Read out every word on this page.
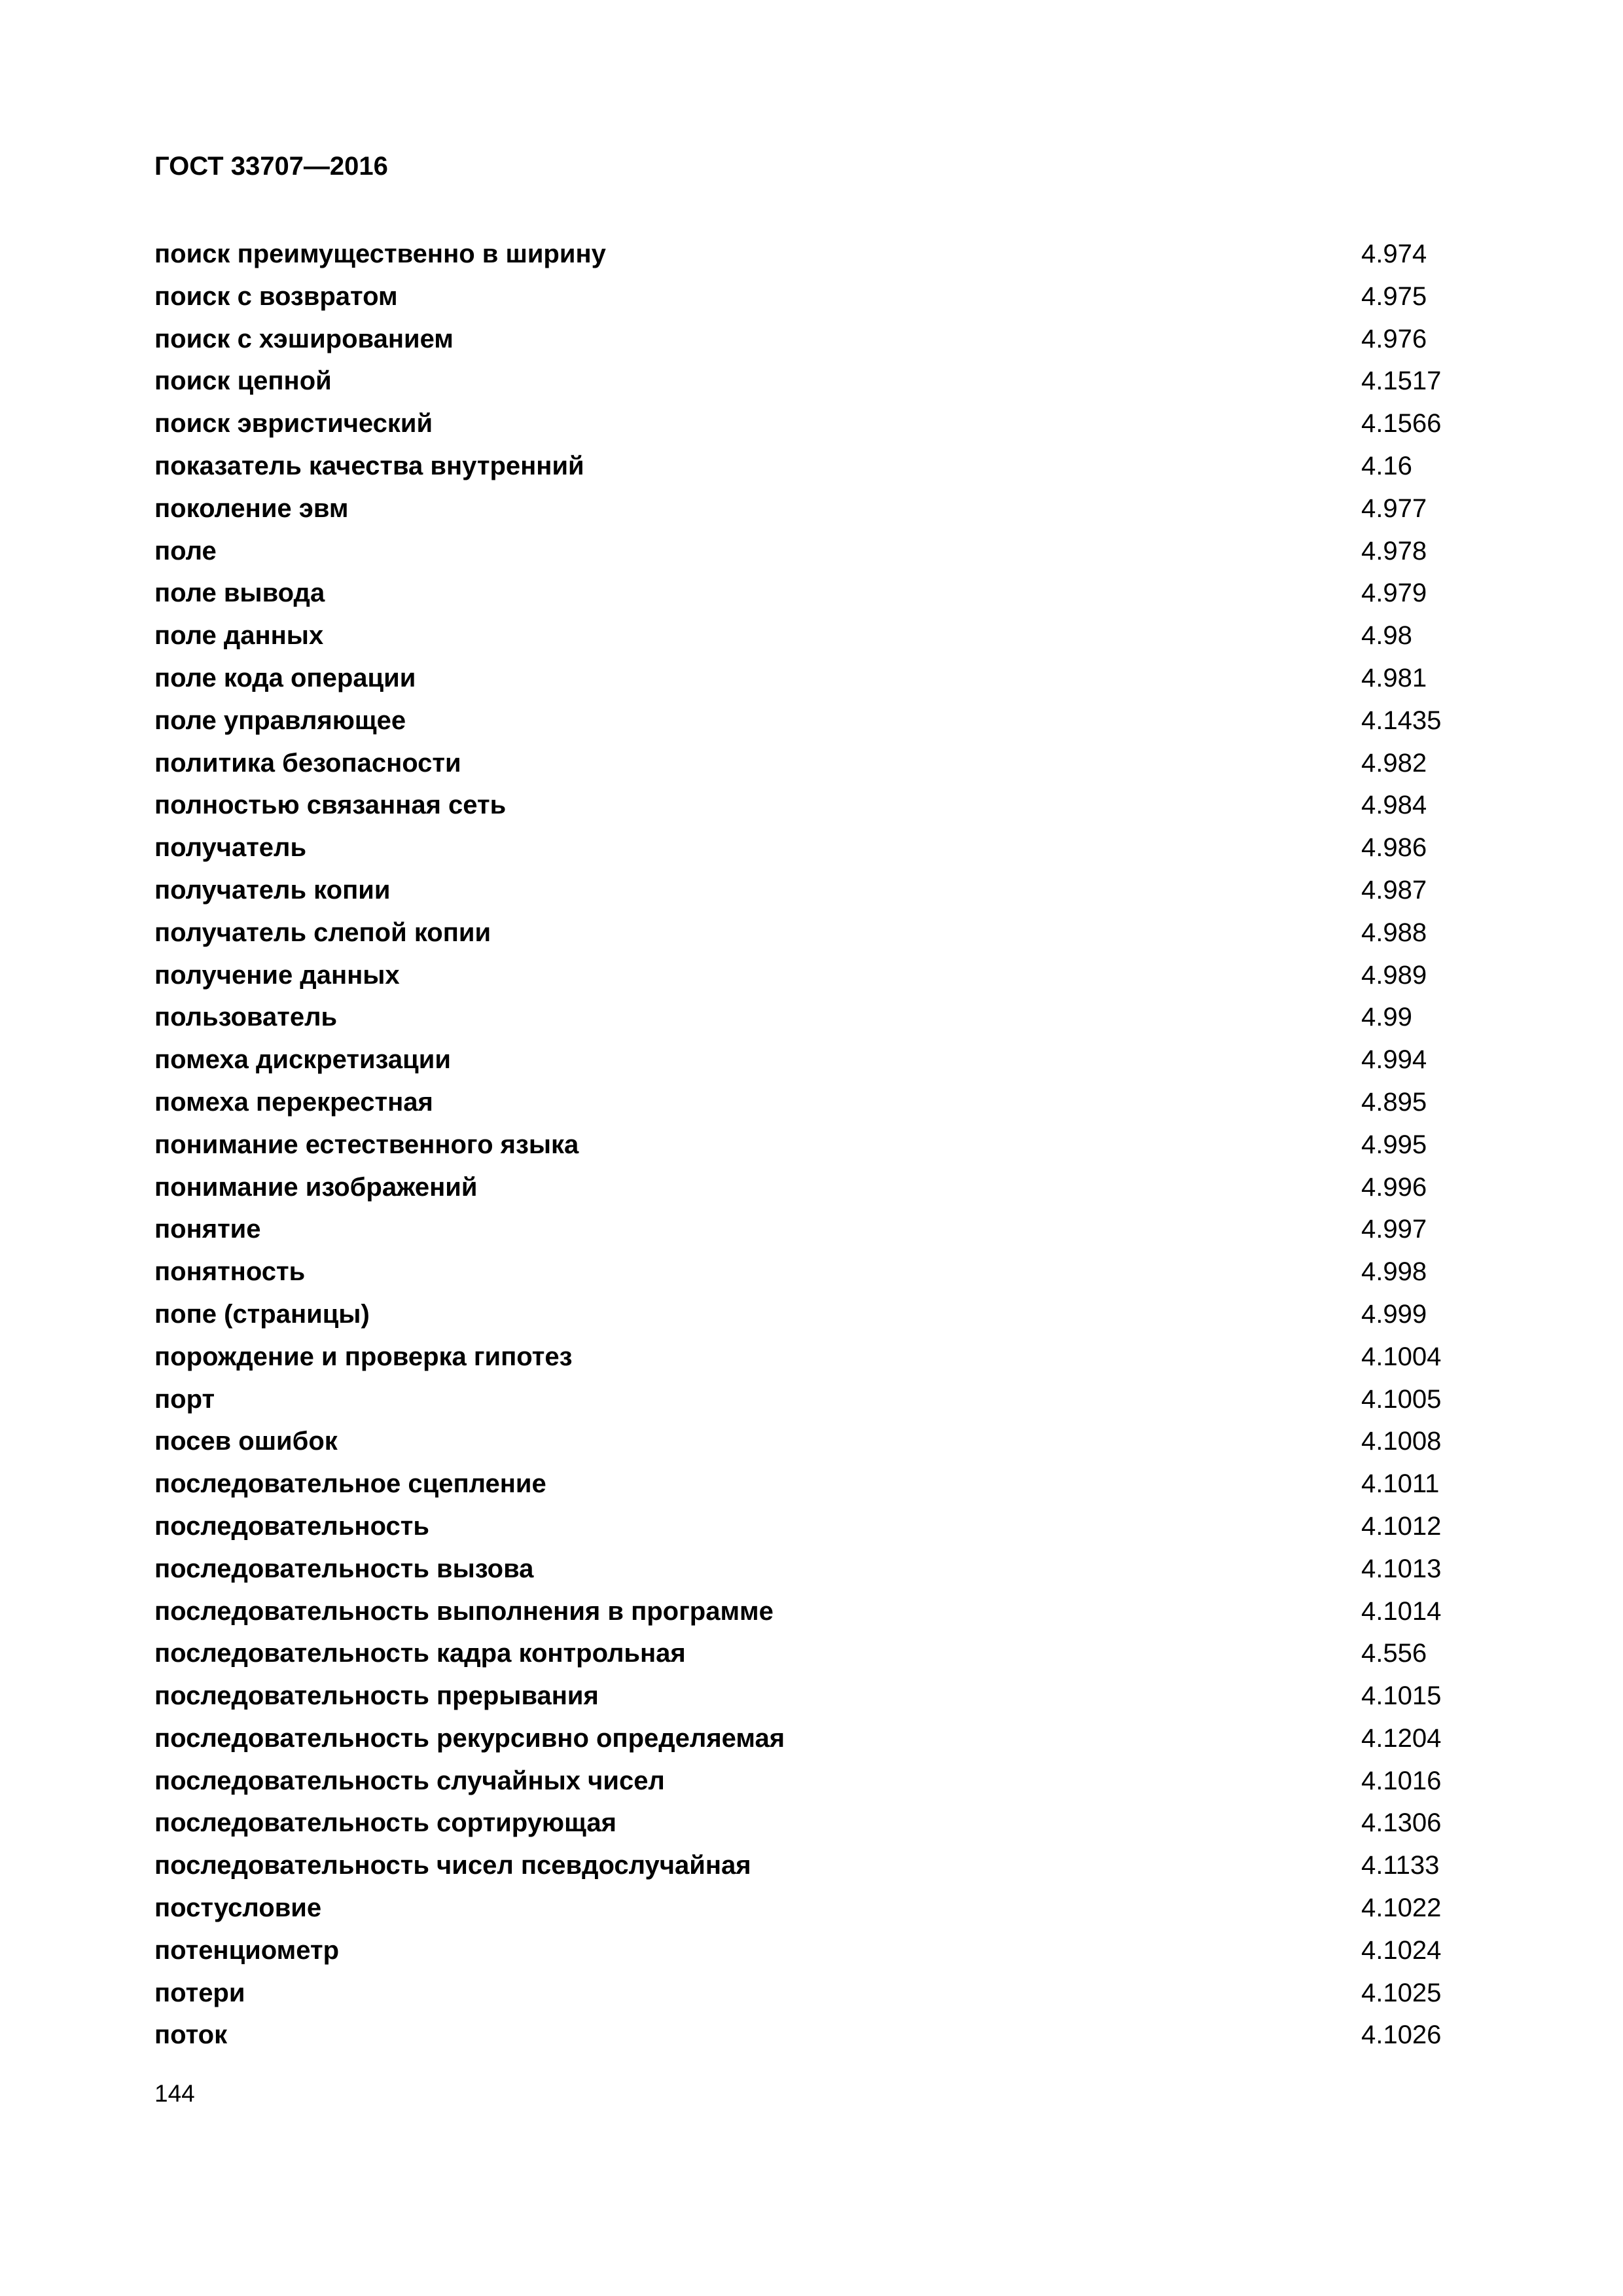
ГОСТ 33707—2016
поиск преимущественно в ширину	4.974
поиск с возвратом	4.975
поиск с хэшированием	4.976
поиск цепной	4.1517
поиск эвристический	4.1566
показатель качества внутренний	4.16
поколение эвм	4.977
поле	4.978
поле вывода	4.979
поле данных	4.98
поле кода операции	4.981
поле управляющее	4.1435
политика безопасности	4.982
полностью связанная сеть	4.984
получатель	4.986
получатель копии	4.987
получатель слепой копии	4.988
получение данных	4.989
пользователь	4.99
помеха дискретизации	4.994
помеха перекрестная	4.895
понимание естественного языка	4.995
понимание изображений	4.996
понятие	4.997
понятность	4.998
попе (страницы)	4.999
порождение и проверка гипотез	4.1004
порт	4.1005
посев ошибок	4.1008
последовательное сцепление	4.1011
последовательность	4.1012
последовательность вызова	4.1013
последовательность выполнения в программе	4.1014
последовательность кадра контрольная	4.556
последовательность прерывания	4.1015
последовательность рекурсивно определяемая	4.1204
последовательность случайных чисел	4.1016
последовательность сортирующая	4.1306
последовательность чисел псевдослучайная	4.1133
постусловие	4.1022
потенциометр	4.1024
потери	4.1025
поток	4.1026
144
